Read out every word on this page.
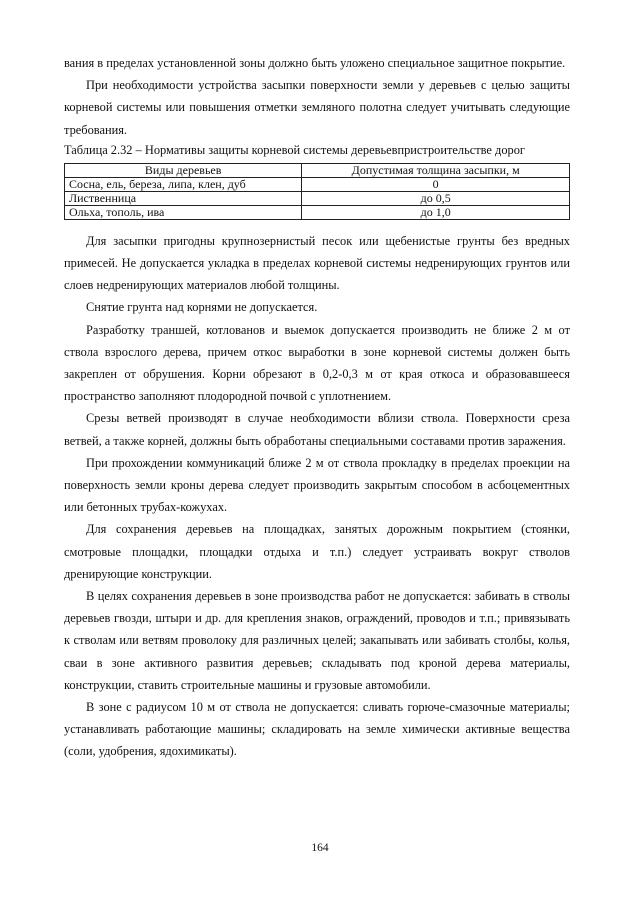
вания в пределах установленной зоны должно быть уложено специальное защитное покрытие.

При необходимости устройства засыпки поверхности земли у деревьев с целью защиты корневой системы или повышения отметки земляного полотна следует учитывать следующие требования.

Таблица 2.32 – Нормативы защиты корневой системы деревьевпристроительстве дорог
Виды деревьев	Допустимая толщина засыпки, м
Сосна, ель, береза, липа, клен, дуб	0
Лиственница	до 0,5
Ольха, тополь, ива	до 1,0

Для засыпки пригодны крупнозернистый песок или щебенистые грунты без вредных примесей. Не допускается укладка в пределах корневой системы недренирующих грунтов или слоев недренирующих материалов любой толщины.

Снятие грунта над корнями не допускается.

Разработку траншей, котлованов и выемок допускается производить не ближе 2 м от ствола взрослого дерева, причем откос выработки в зоне корневой системы должен быть закреплен от обрушения. Корни обрезают в 0,2-0,3 м от края откоса и образовавшееся пространство заполняют плодородной почвой с уплотнением.

Срезы ветвей производят в случае необходимости вблизи ствола. Поверхности среза ветвей, а также корней, должны быть обработаны специальными составами против заражения.

При прохождении коммуникаций ближе 2 м от ствола прокладку в пределах проекции на поверхность земли кроны дерева следует производить закрытым способом в асбоцементных или бетонных трубах-кожухах.

Для сохранения деревьев на площадках, занятых дорожным покрытием (стоянки, смотровые площадки, площадки отдыха и т.п.) следует устраивать вокруг стволов дренирующие конструкции.

В целях сохранения деревьев в зоне производства работ не допускается: забивать в стволы деревьев гвозди, штыри и др. для крепления знаков, ограждений, проводов и т.п.; привязывать к стволам или ветвям проволоку для различных целей; закапывать или забивать столбы, колья, сваи в зоне активного развития деревьев; складывать под кроной дерева материалы, конструкции, ставить строительные машины и грузовые автомобили.

В зоне с радиусом 10 м от ствола не допускается: сливать горюче-смазочные материалы; устанавливать работающие машины; складировать на земле химически активные вещества (соли, удобрения, ядохимикаты).

164
